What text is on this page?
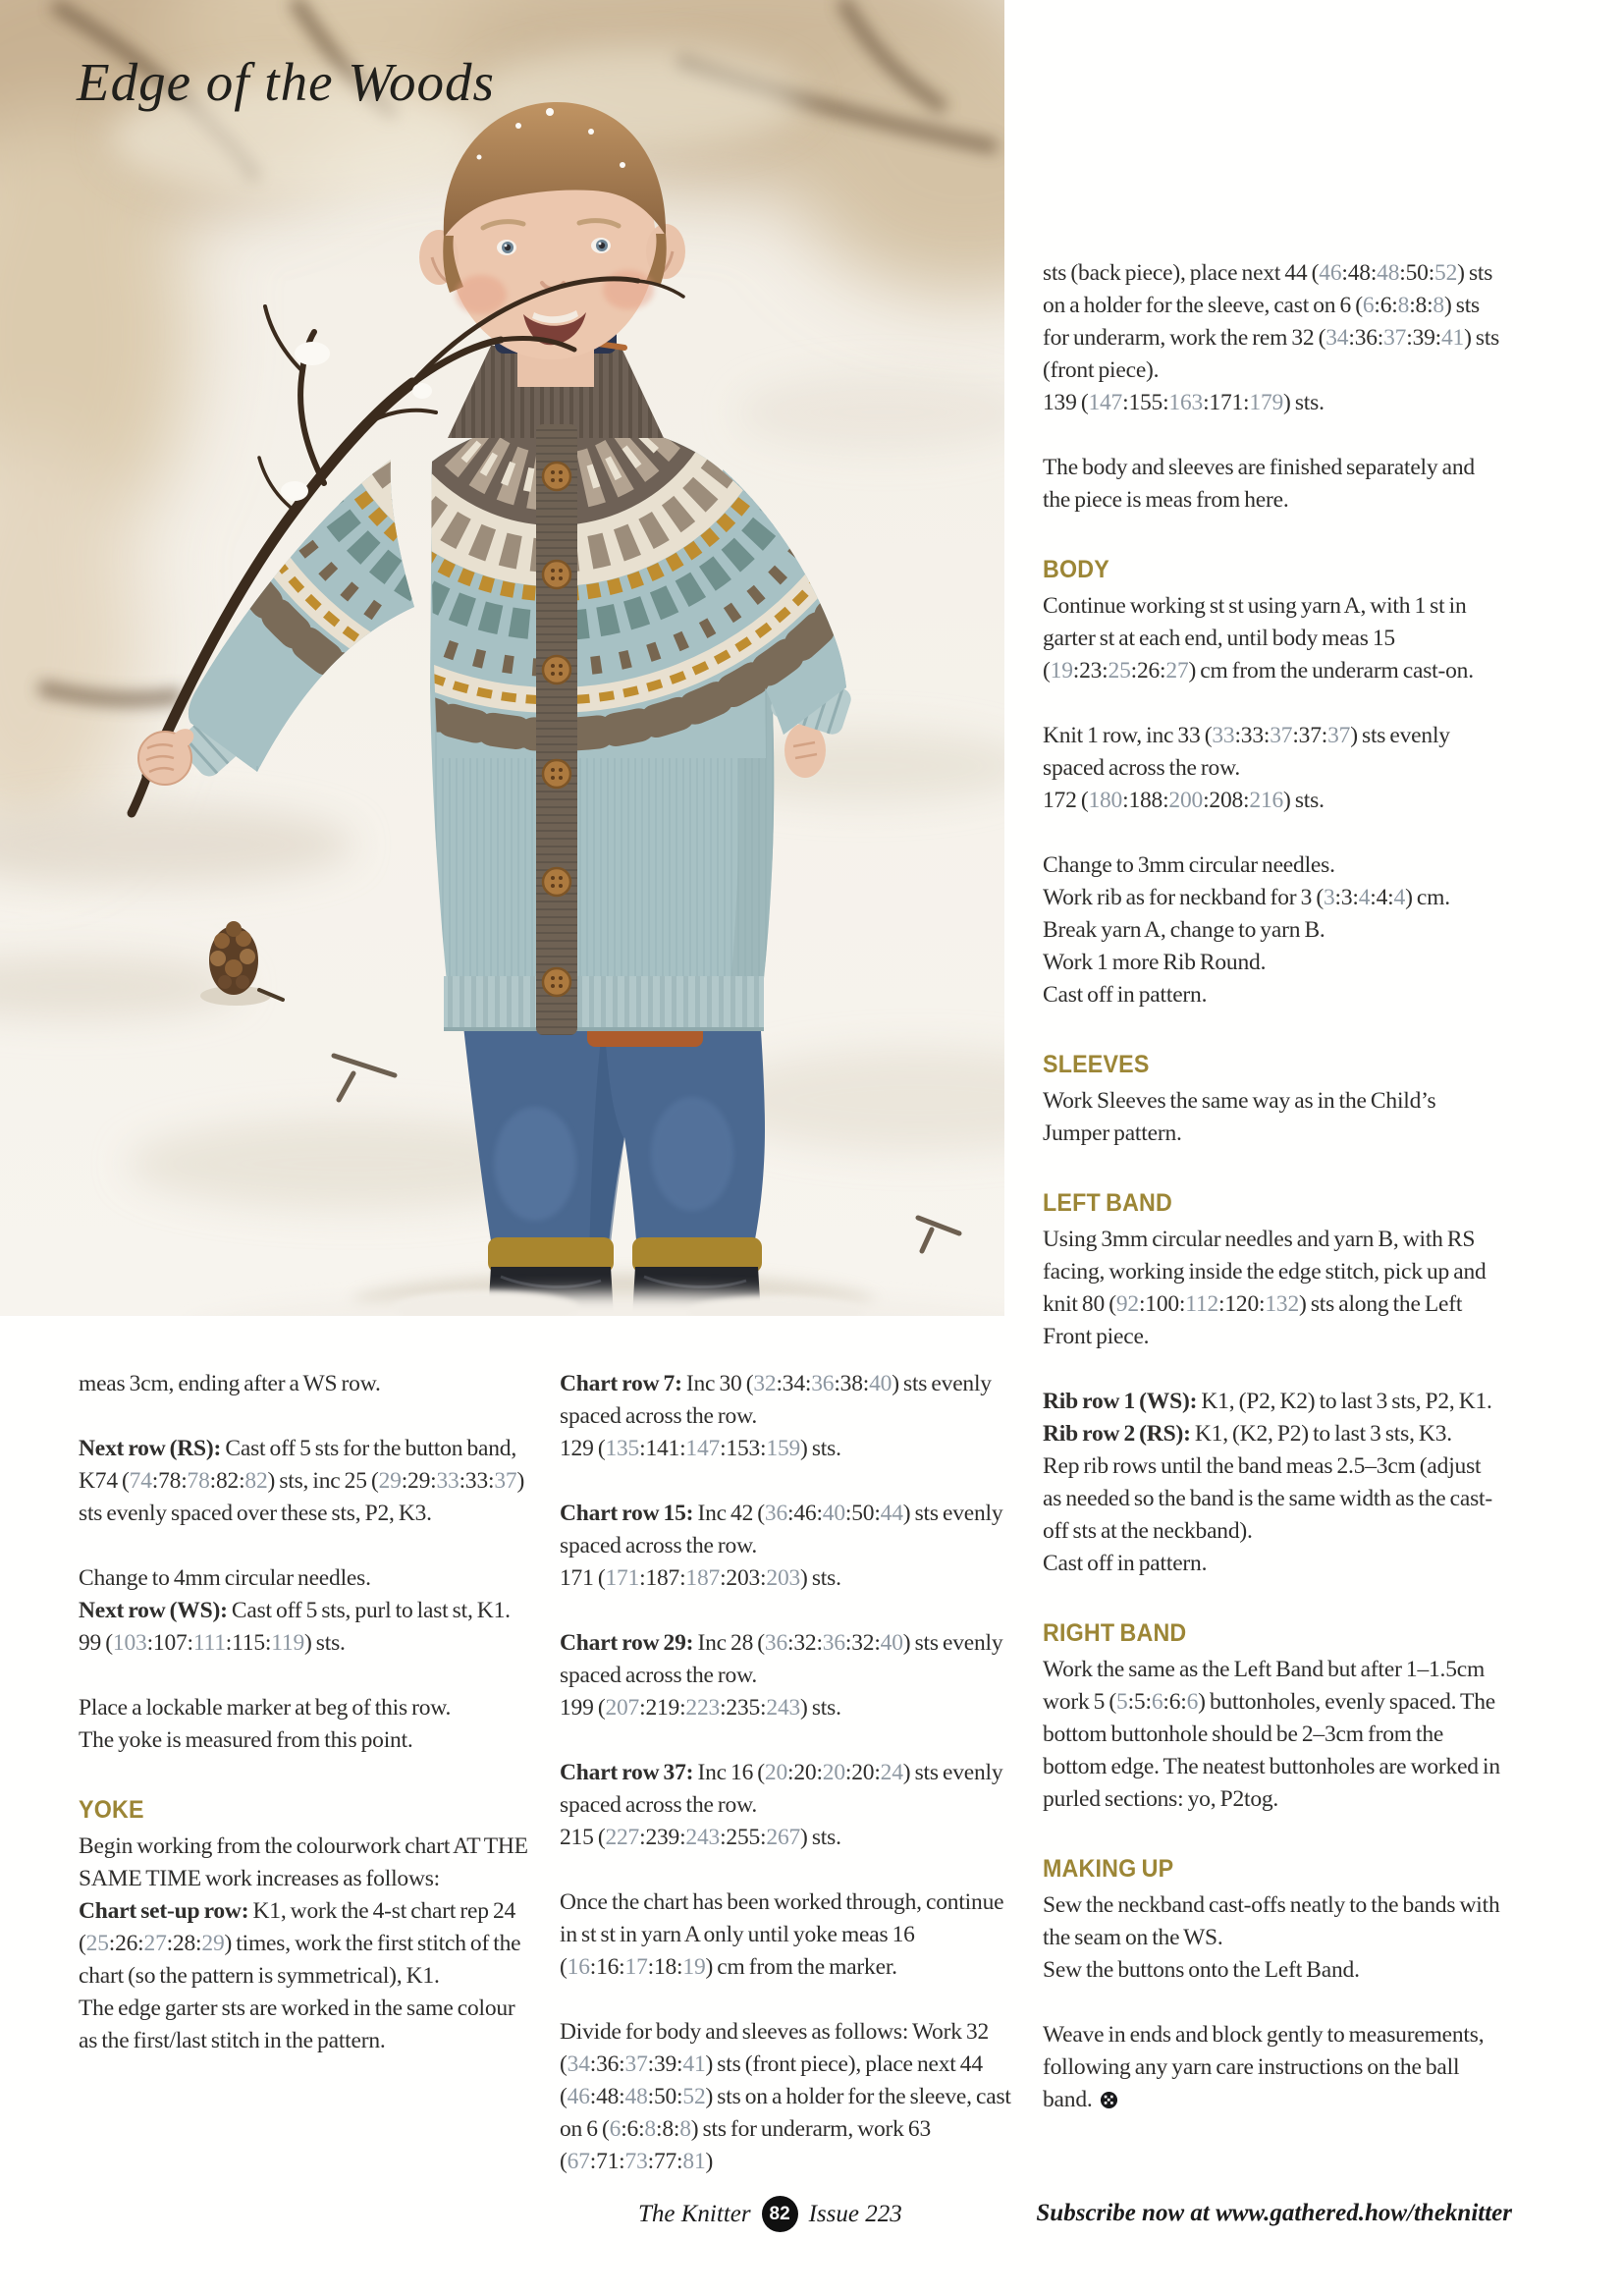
Edge of the Woods

meas 3cm, ending after a WS row.

Next row (RS): Cast off 5 sts for the button band, K74 (74:78:78:82:82) sts, inc 25 (29:29:33:33:37) sts evenly spaced over these sts, P2, K3.

Change to 4mm circular needles.

Next row (WS): Cast off 5 sts, purl to last st, K1.

99 (103:107:111:115:119) sts.

Place a lockable marker at beg of this row.

The yoke is measured from this point.

YOKE

Begin working from the colourwork chart AT THE SAME TIME work increases as follows:

Chart set-up row: K1, work the 4-st chart rep 24 (25:26:27:28:29) times, work the first stitch of the chart (so the pattern is symmetrical), K1.

The edge garter sts are worked in the same colour as the first/last stitch in the pattern.

Chart row 7: Inc 30 (32:34:36:38:40) sts evenly spaced across the row.

129 (135:141:147:153:159) sts.

Chart row 15: Inc 42 (36:46:40:50:44) sts evenly spaced across the row.

171 (171:187:187:203:203) sts.

Chart row 29: Inc 28 (36:32:36:32:40) sts evenly spaced across the row.

199 (207:219:223:235:243) sts.

Chart row 37: Inc 16 (20:20:20:20:24) sts evenly spaced across the row.

215 (227:239:243:255:267) sts.

Once the chart has been worked through, continue in st st in yarn A only until yoke meas 16 (16:16:17:18:19) cm from the marker.

Divide for body and sleeves as follows: Work 32 (34:36:37:39:41) sts (front piece), place next 44 (46:48:48:50:52) sts on a holder for the sleeve, cast on 6 (6:6:8:8:8) sts for underarm, work 63 (67:71:73:77:81)

sts (back piece), place next 44 (46:48:48:50:52) sts on a holder for the sleeve, cast on 6 (6:6:8:8:8) sts for underarm, work the rem 32 (34:36:37:39:41) sts (front piece).

139 (147:155:163:171:179) sts.

The body and sleeves are finished separately and the piece is meas from here.

BODY

Continue working st st using yarn A, with 1 st in garter st at each end, until body meas 15 (19:23:25:26:27) cm from the underarm cast-on.

Knit 1 row, inc 33 (33:33:37:37:37) sts evenly spaced across the row.

172 (180:188:200:208:216) sts.

Change to 3mm circular needles.

Work rib as for neckband for 3 (3:3:4:4:4) cm.

Break yarn A, change to yarn B.

Work 1 more Rib Round.

Cast off in pattern.

SLEEVES

Work Sleeves the same way as in the Child’s Jumper pattern.

LEFT BAND

Using 3mm circular needles and yarn B, with RS facing, working inside the edge stitch, pick up and knit 80 (92:100:112:120:132) sts along the Left Front piece.

Rib row 1 (WS): K1, (P2, K2) to last 3 sts, P2, K1.

Rib row 2 (RS): K1, (K2, P2) to last 3 sts, K3.

Rep rib rows until the band meas 2.5–3cm (adjust as needed so the band is the same width as the cast-off sts at the neckband).

Cast off in pattern.

RIGHT BAND

Work the same as the Left Band but after 1–1.5cm work 5 (5:5:6:6:6) buttonholes, evenly spaced. The bottom buttonhole should be 2–3cm from the bottom edge. The neatest buttonholes are worked in purled sections: yo, P2tog.

MAKING UP

Sew the neckband cast-offs neatly to the bands with the seam on the WS.

Sew the buttons onto the Left Band.

Weave in ends and block gently to measurements, following any yarn care instructions on the ball band.

The Knitter 82 Issue 223	Subscribe now at www.gathered.how/theknitter
